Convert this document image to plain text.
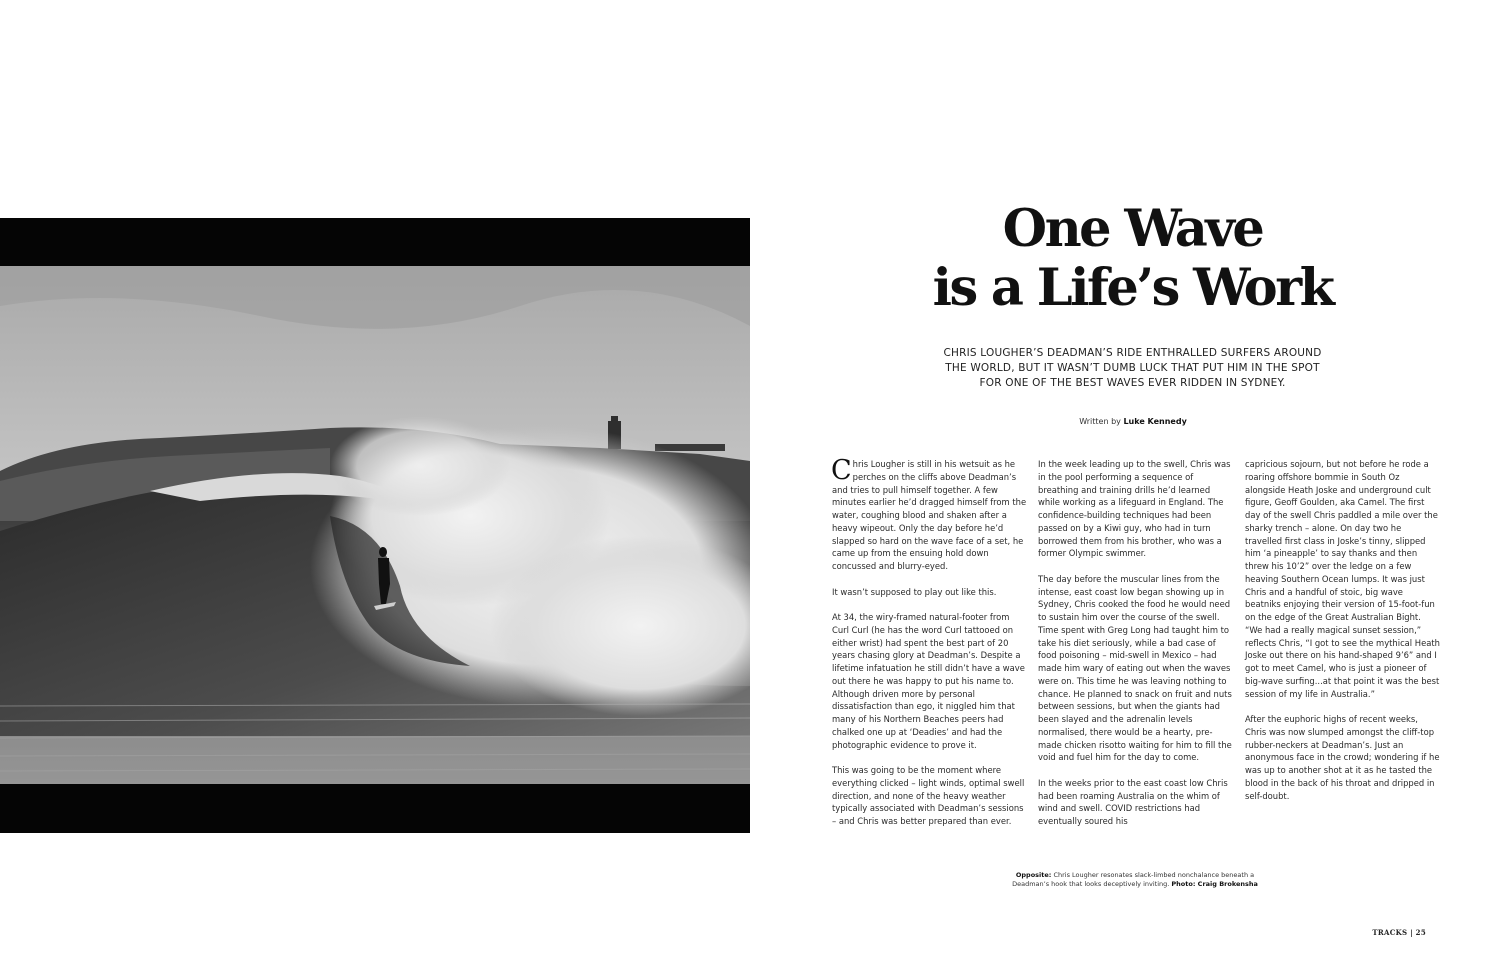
One Wave
is a Life’s Work
CHRIS LOUGHER’S DEADMAN’S RIDE ENTHRALLED SURFERS AROUND
THE WORLD, BUT IT WASN’T DUMB LUCK THAT PUT HIM IN THE SPOT
FOR ONE OF THE BEST WAVES EVER RIDDEN IN SYDNEY.
Written by Luke Kennedy

Chris Lougher is still in his wetsuit as he perches on the cliffs above Deadman’s and tries to pull himself together. A few minutes earlier he’d dragged himself from the water, coughing blood and shaken after a heavy wipeout. Only the day before he’d slapped so hard on the wave face of a set, he came up from the ensuing hold down concussed and blurry-eyed.

It wasn’t supposed to play out like this.

At 34, the wiry-framed natural-footer from Curl Curl (he has the word Curl tattooed on either wrist) had spent the best part of 20 years chasing glory at Deadman’s. Despite a lifetime infatuation he still didn’t have a wave out there he was happy to put his name to. Although driven more by personal dissatisfaction than ego, it niggled him that many of his Northern Beaches peers had chalked one up at ‘Deadies’ and had the photographic evidence to prove it.

This was going to be the moment where everything clicked – light winds, optimal swell direction, and none of the heavy weather typically associated with Deadman’s sessions – and Chris was better prepared than ever.

In the week leading up to the swell, Chris was in the pool performing a sequence of breathing and training drills he’d learned while working as a lifeguard in England. The confidence-building techniques had been passed on by a Kiwi guy, who had in turn borrowed them from his brother, who was a former Olympic swimmer.

The day before the muscular lines from the intense, east coast low began showing up in Sydney, Chris cooked the food he would need to sustain him over the course of the swell. Time spent with Greg Long had taught him to take his diet seriously, while a bad case of food poisoning – mid-swell in Mexico – had made him wary of eating out when the waves were on. This time he was leaving nothing to chance. He planned to snack on fruit and nuts between sessions, but when the giants had been slayed and the adrenalin levels normalised, there would be a hearty, pre-made chicken risotto waiting for him to fill the void and fuel him for the day to come.

In the weeks prior to the east coast low Chris had been roaming Australia on the whim of wind and swell. COVID restrictions had eventually soured his

capricious sojourn, but not before he rode a roaring offshore bommie in South Oz alongside Heath Joske and underground cult figure, Geoff Goulden, aka Camel. The first day of the swell Chris paddled a mile over the sharky trench – alone. On day two he travelled first class in Joske’s tinny, slipped him ‘a pineapple’ to say thanks and then threw his 10’2” over the ledge on a few heaving Southern Ocean lumps. It was just Chris and a handful of stoic, big wave beatniks enjoying their version of 15-foot-fun on the edge of the Great Australian Bight. “We had a really magical sunset session,” reflects Chris, “I got to see the mythical Heath Joske out there on his hand-shaped 9’6” and I got to meet Camel, who is just a pioneer of big-wave surfing...at that point it was the best session of my life in Australia.”

After the euphoric highs of recent weeks, Chris was now slumped amongst the cliff-top rubber-neckers at Deadman’s. Just an anonymous face in the crowd; wondering if he was up to another shot at it as he tasted the blood in the back of his throat and dripped in self-doubt.

Opposite: Chris Lougher resonates slack-limbed nonchalance beneath a
Deadman’s hook that looks deceptively inviting. Photo: Craig Brokensha
TRACKS | 25
